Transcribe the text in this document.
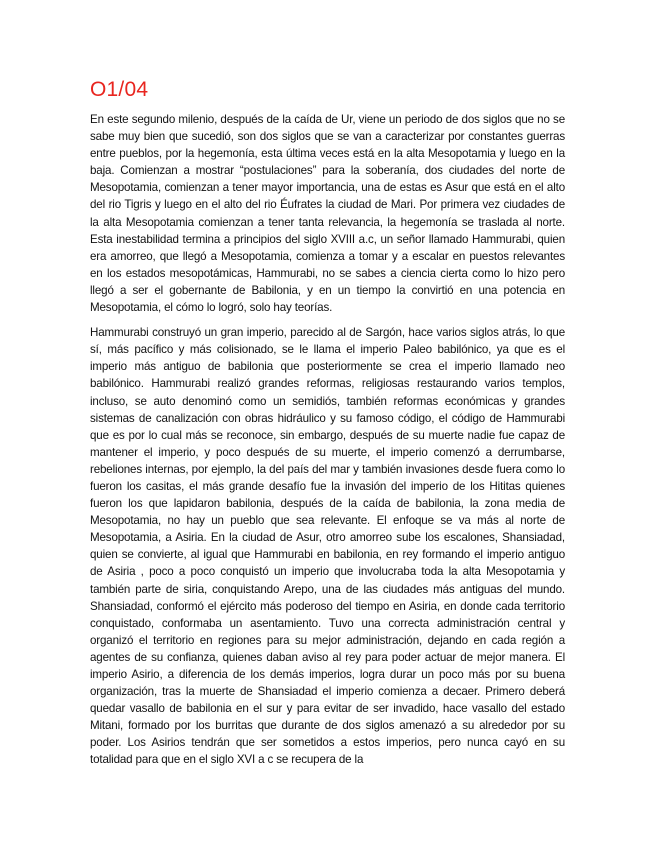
O1/04

En este segundo milenio, después de la caída de Ur, viene un periodo de dos siglos que no se sabe muy bien que sucedió, son dos siglos que se van a caracterizar por constantes guerras entre pueblos, por la hegemonía, esta última veces está en la alta Mesopotamia y luego en la baja. Comienzan a mostrar “postulaciones” para la soberanía, dos ciudades del norte de Mesopotamia, comienzan a tener mayor importancia, una de estas es Asur que está en el alto del rio Tigris y luego en el alto del rio Éufrates la ciudad de Mari. Por primera vez ciudades de la alta Mesopotamia comienzan a tener tanta relevancia, la hegemonía se traslada al norte. Esta inestabilidad termina a principios del siglo XVIII a.c, un señor llamado Hammurabi, quien era amorreo, que llegó a Mesopotamia, comienza a tomar y a escalar en puestos relevantes en los estados mesopotámicas, Hammurabi, no se sabes a ciencia cierta como lo hizo pero llegó a ser el gobernante de Babilonia, y en un tiempo la convirtió en una potencia en Mesopotamia, el cómo lo logró, solo hay teorías.

Hammurabi construyó un gran imperio, parecido al de Sargón, hace varios siglos atrás, lo que sí, más pacífico y más colisionado, se le llama el imperio Paleo babilónico, ya que es el imperio más antiguo de babilonia que posteriormente se crea el imperio llamado neo babilónico. Hammurabi realizó grandes reformas, religiosas restaurando varios templos, incluso, se auto denominó como un semidiós, también reformas económicas y grandes sistemas de canalización con obras hidráulico y su famoso código, el código de Hammurabi que es por lo cual más se reconoce, sin embargo, después de su muerte nadie fue capaz de mantener el imperio, y poco después de su muerte, el imperio comenzó a derrumbarse, rebeliones internas, por ejemplo, la del país del mar y también invasiones desde fuera como lo fueron los casitas, el más grande desafío fue la invasión del imperio de los Hititas quienes fueron los que lapidaron babilonia, después de la caída de babilonia, la zona media de Mesopotamia, no hay un pueblo que sea relevante. El enfoque se va más al norte de Mesopotamia, a Asiria. En la ciudad de Asur, otro amorreo sube los escalones, Shansiadad, quien se convierte, al igual que Hammurabi en babilonia, en rey formando el imperio antiguo de Asiria , poco a poco conquistó un imperio que involucraba toda la alta Mesopotamia y también parte de siria, conquistando Arepo, una de las ciudades más antiguas del mundo. Shansiadad, conformó el ejército más poderoso del tiempo en Asiria, en donde cada territorio conquistado, conformaba un asentamiento. Tuvo una correcta administración central y organizó el territorio en regiones para su mejor administración, dejando en cada región a agentes de su confianza, quienes daban aviso al rey para poder actuar de mejor manera. El imperio Asirio, a diferencia de los demás imperios, logra durar un poco más por su buena organización, tras la muerte de Shansiadad el imperio comienza a decaer. Primero deberá quedar vasallo de babilonia en el sur y para evitar de ser invadido, hace vasallo del estado Mitani, formado por los burritas que durante de dos siglos amenazó a su alrededor por su poder. Los Asirios tendrán que ser sometidos a estos imperios, pero nunca cayó en su totalidad para que en el siglo XVI a c se recupera de la
